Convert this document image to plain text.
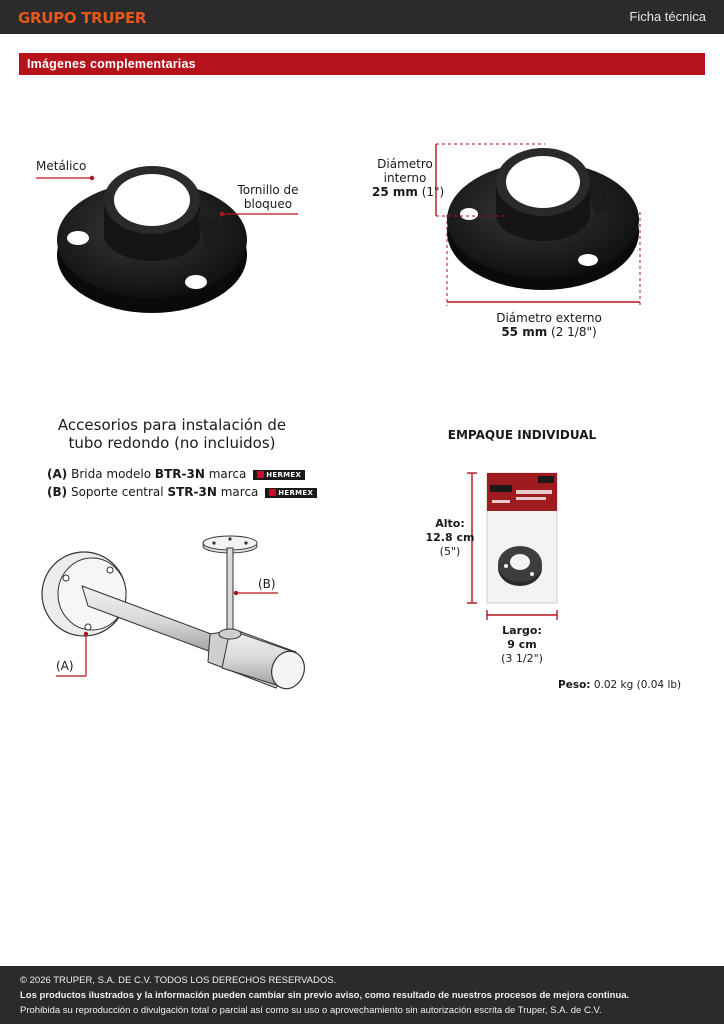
GRUPO TRUPER	Ficha técnica
Imágenes complementarias
Metálico
Tornillo de
bloqueo
Diámetro
interno
25 mm (1")
Diámetro externo
55 mm (2 1/8")
Accesorios para instalación de
tubo redondo (no incluidos)
(A) Brida modelo BTR-3N marca	HERMEX
(B) Soporte central STR-3N marca	HERMEX
(B)
(A)
EMPAQUE INDIVIDUAL
Alto:
12.8 cm
(5")
Largo:
9 cm
(3 1/2")
Peso: 0.02 kg (0.04 lb)
© 2026 TRUPER, S.A. DE C.V. TODOS LOS DERECHOS RESERVADOS.
Los productos ilustrados y la información pueden cambiar sin previo aviso, como resultado de nuestros procesos de mejora continua.
Prohibida su reproducción o divulgación total o parcial así como su uso o aprovechamiento sin autorización escrita de Truper, S.A. de C.V.
